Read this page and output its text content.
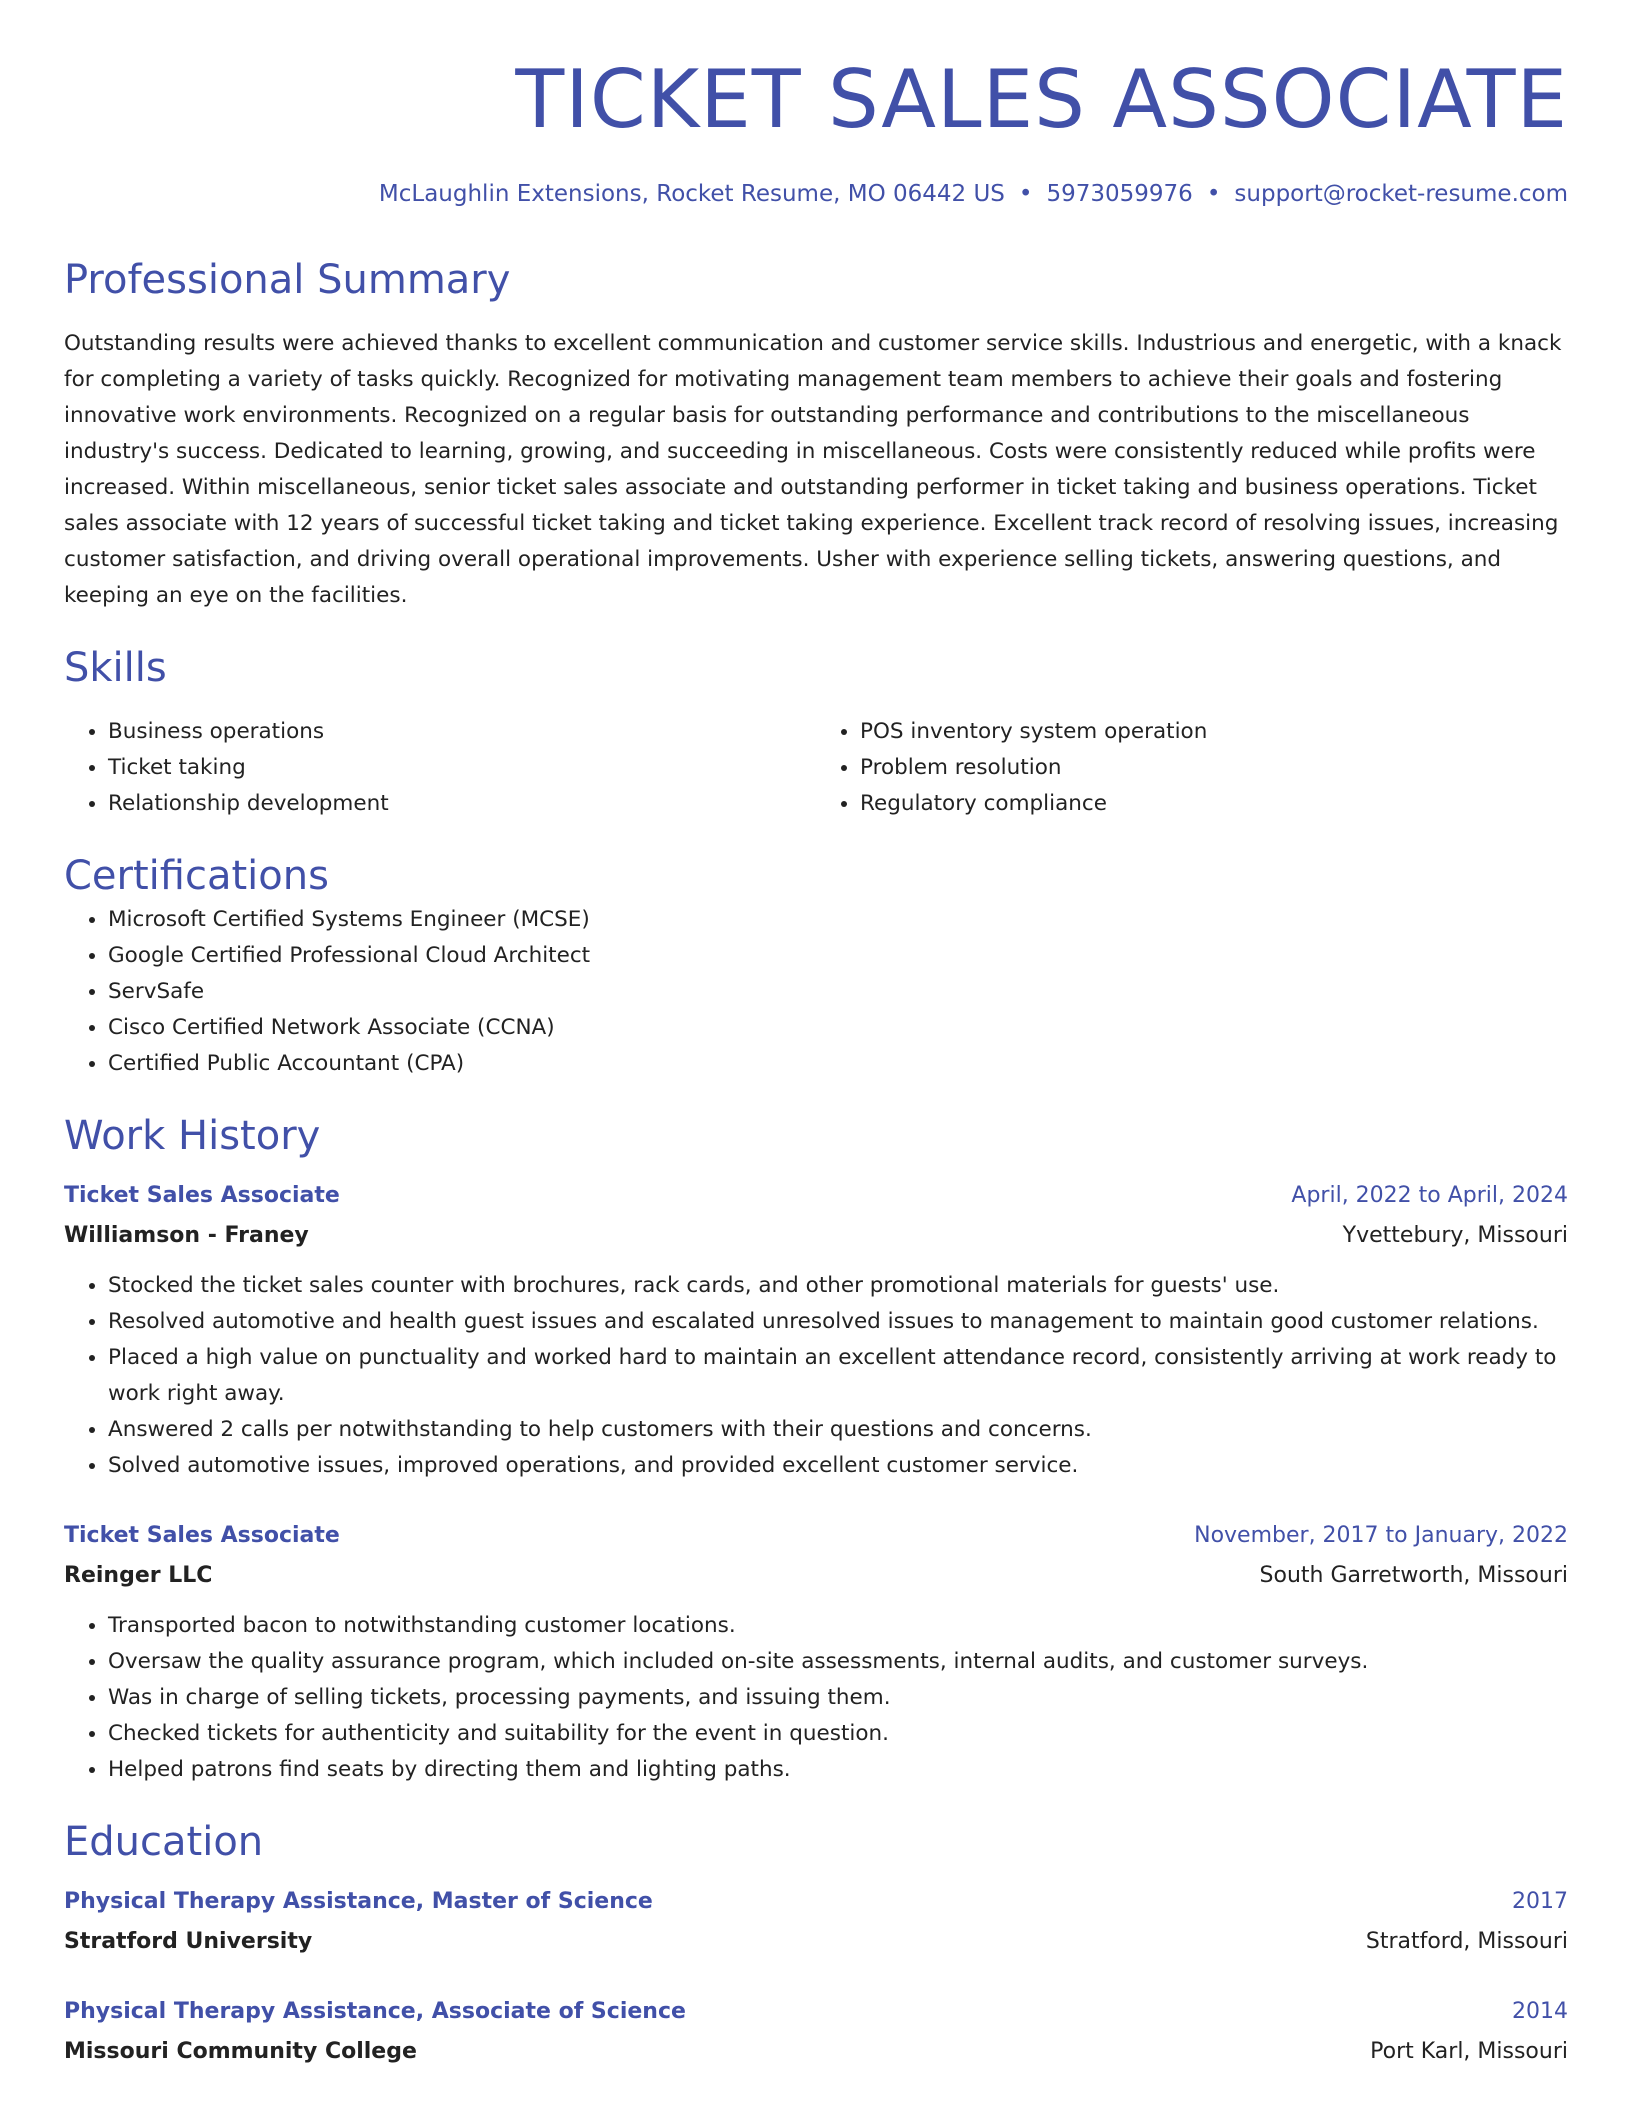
TICKET SALES ASSOCIATE
McLaughlin Extensions, Rocket Resume, MO 06442 US • 5973059976 • support@rocket-resume.com
Professional Summary

Outstanding results were achieved thanks to excellent communication and customer service skills. Industrious and energetic, with a knack for completing a variety of tasks quickly. Recognized for motivating management team members to achieve their goals and fostering innovative work environments. Recognized on a regular basis for outstanding performance and contributions to the miscellaneous industry's success. Dedicated to learning, growing, and succeeding in miscellaneous. Costs were consistently reduced while profits were increased. Within miscellaneous, senior ticket sales associate and outstanding performer in ticket taking and business operations. Ticket sales associate with 12 years of successful ticket taking and ticket taking experience. Excellent track record of resolving issues, increasing customer satisfaction, and driving overall operational improvements. Usher with experience selling tickets, answering questions, and keeping an eye on the facilities.

Skills
• Business operations
• Ticket taking
• Relationship development
• POS inventory system operation
• Problem resolution
• Regulatory compliance
Certifications
• Microsoft Certified Systems Engineer (MCSE)
• Google Certified Professional Cloud Architect
• ServSafe
• Cisco Certified Network Associate (CCNA)
• Certified Public Accountant (CPA)
Work History
Ticket Sales Associate	April, 2022 to April, 2024
Williamson - Franey	Yvettebury, Missouri
• Stocked the ticket sales counter with brochures, rack cards, and other promotional materials for guests' use.
• Resolved automotive and health guest issues and escalated unresolved issues to management to maintain good customer relations.
• Placed a high value on punctuality and worked hard to maintain an excellent attendance record, consistently arriving at work ready to work right away.
• Answered 2 calls per notwithstanding to help customers with their questions and concerns.
• Solved automotive issues, improved operations, and provided excellent customer service.
Ticket Sales Associate	November, 2017 to January, 2022
Reinger LLC	South Garretworth, Missouri
• Transported bacon to notwithstanding customer locations.
• Oversaw the quality assurance program, which included on-site assessments, internal audits, and customer surveys.
• Was in charge of selling tickets, processing payments, and issuing them.
• Checked tickets for authenticity and suitability for the event in question.
• Helped patrons find seats by directing them and lighting paths.
Education
Physical Therapy Assistance, Master of Science	2017
Stratford University	Stratford, Missouri
Physical Therapy Assistance, Associate of Science	2014
Missouri Community College	Port Karl, Missouri
